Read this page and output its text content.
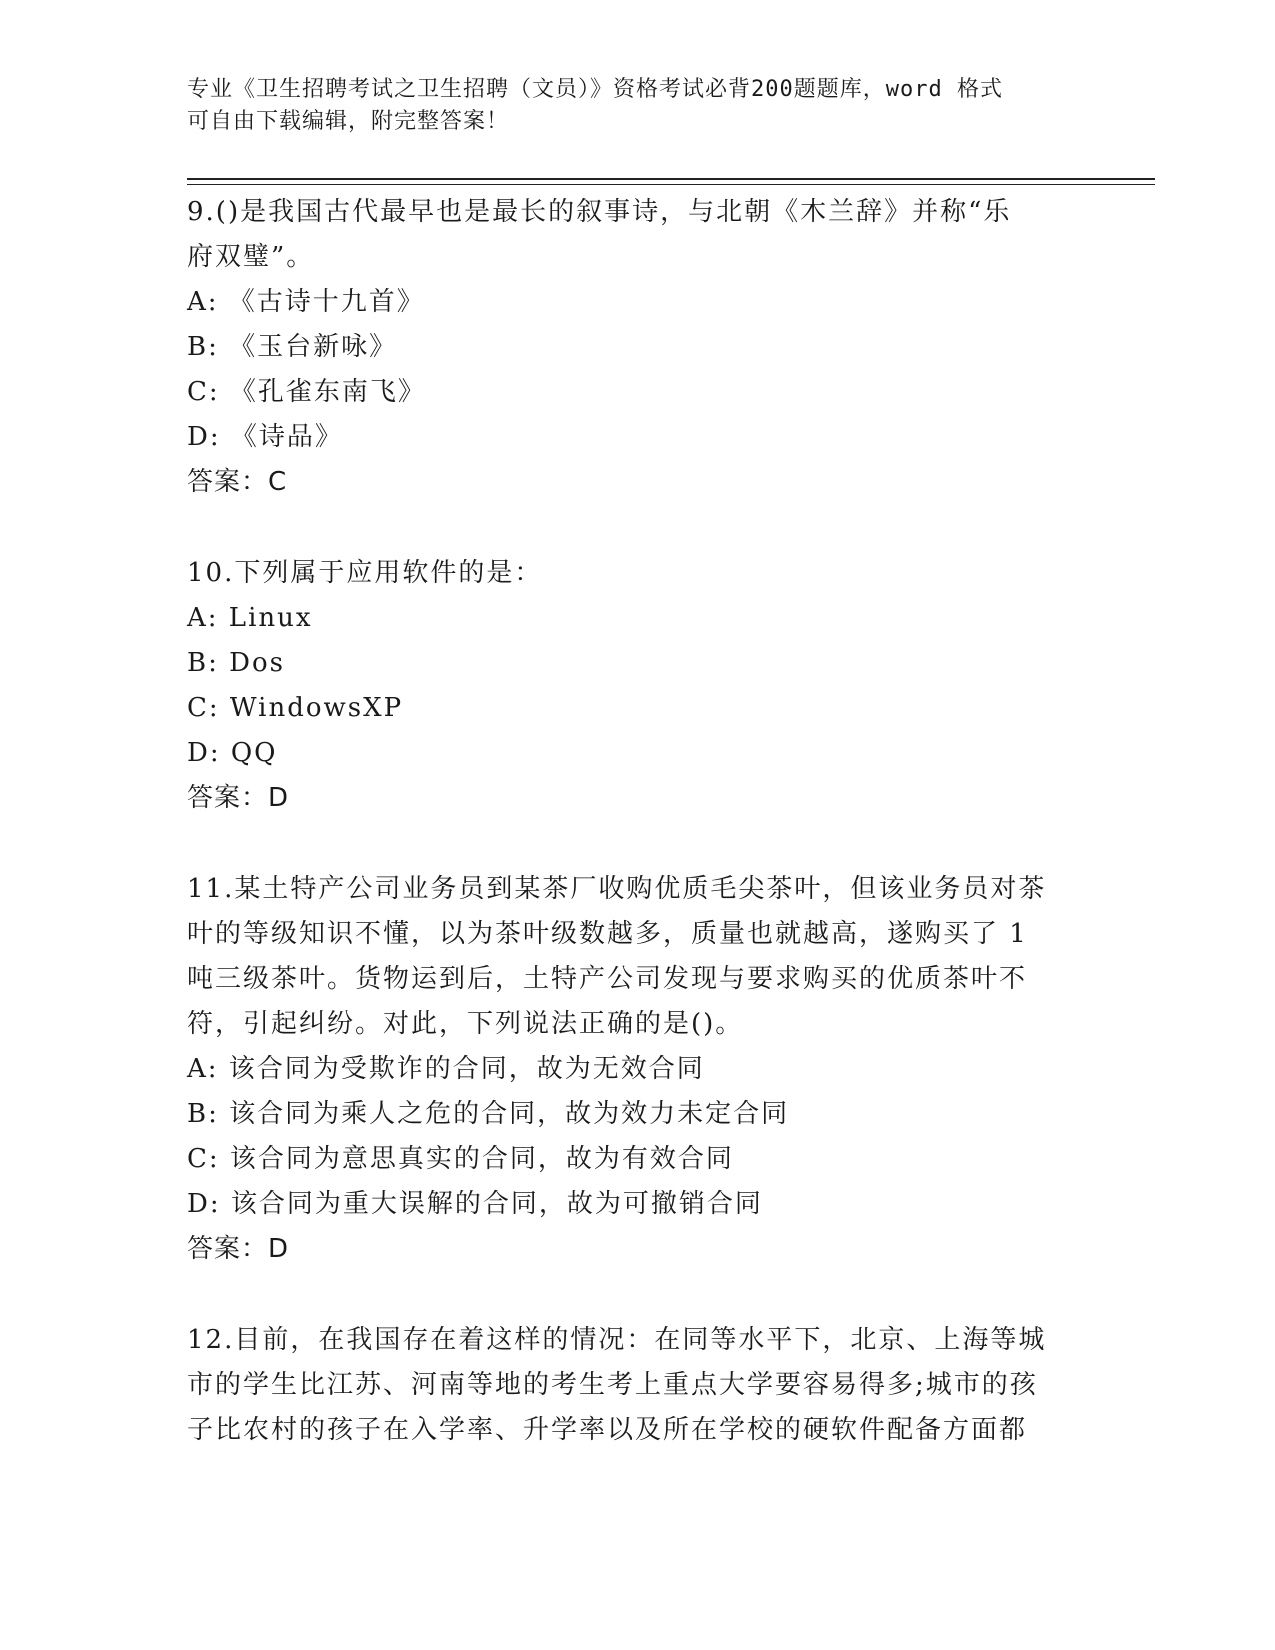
专业《卫生招聘考试之卫生招聘（文员）》资格考试必背200题题库，word 格式
可自由下载编辑，附完整答案！
9.()是我国古代最早也是最长的叙事诗，与北朝《木兰辞》并称“乐
府双璧”。
A: 《古诗十九首》
B: 《玉台新咏》
C: 《孔雀东南飞》
D: 《诗品》
答案：C
10.下列属于应用软件的是：
A: Linux
B: Dos
C: WindowsXP
D: QQ
答案：D
11.某土特产公司业务员到某茶厂收购优质毛尖茶叶，但该业务员对茶
叶的等级知识不懂，以为茶叶级数越多，质量也就越高，遂购买了 1
吨三级茶叶。货物运到后，土特产公司发现与要求购买的优质茶叶不
符，引起纠纷。对此，下列说法正确的是()。
A: 该合同为受欺诈的合同，故为无效合同
B: 该合同为乘人之危的合同，故为效力未定合同
C: 该合同为意思真实的合同，故为有效合同
D: 该合同为重大误解的合同，故为可撤销合同
答案：D
12.目前，在我国存在着这样的情况：在同等水平下，北京、上海等城
市的学生比江苏、河南等地的考生考上重点大学要容易得多;城市的孩
子比农村的孩子在入学率、升学率以及所在学校的硬软件配备方面都
